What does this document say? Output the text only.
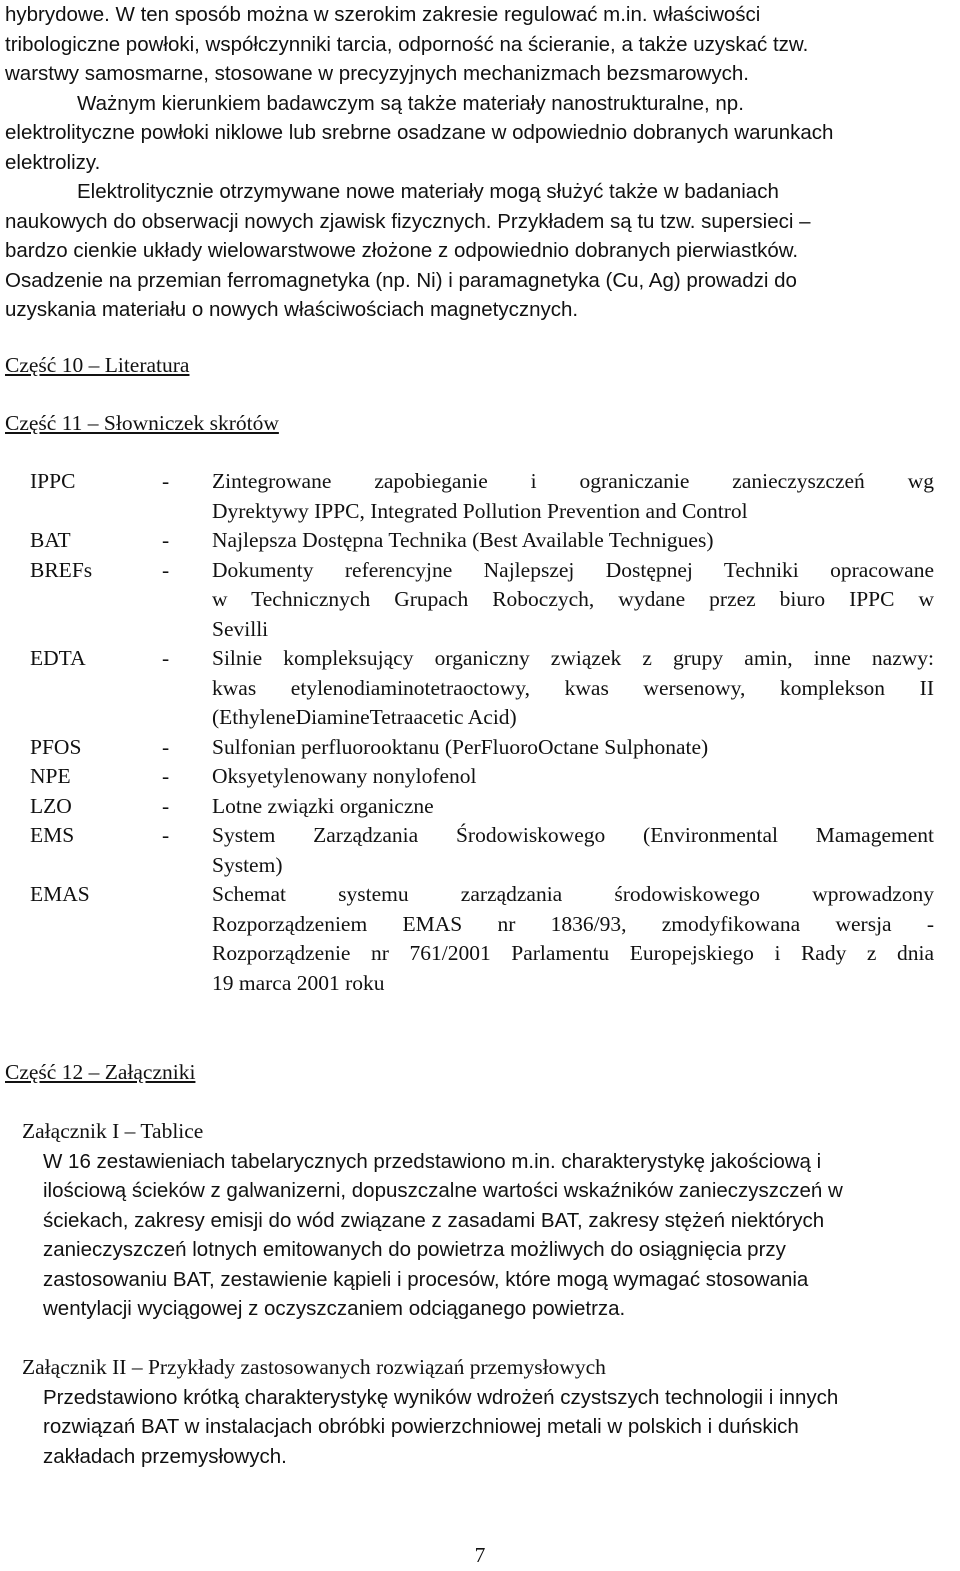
hybrydowe. W ten sposób można w szerokim zakresie regulować m.in. właściwości
tribologiczne powłoki, współczynniki tarcia, odporność na ścieranie, a także uzyskać tzw.
warstwy samosmarne, stosowane w precyzyjnych mechanizmach bezsmarowych.
Ważnym kierunkiem badawczym są także materiały nanostrukturalne, np.
elektrolityczne powłoki niklowe lub srebrne osadzane w odpowiednio dobranych warunkach
elektrolizy.
Elektrolitycznie otrzymywane nowe materiały mogą służyć także w badaniach
naukowych do obserwacji nowych zjawisk fizycznych. Przykładem są tu tzw. supersieci –
bardzo cienkie układy wielowarstwowe złożone z odpowiednio dobranych pierwiastków.
Osadzenie na przemian ferromagnetyka (np. Ni) i paramagnetyka (Cu, Ag) prowadzi do
uzyskania materiału o nowych właściwościach magnetycznych.
Część 10 – Literatura
Część 11 – Słowniczek skrótów
IPPC	-	Zintegrowane zapobieganie i ograniczanie zanieczyszczeń wg
Dyrektywy IPPC, Integrated Pollution Prevention and Control
BAT	-	Najlepsza Dostępna Technika (Best Available Technigues)
BREFs	-	Dokumenty referencyjne Najlepszej Dostępnej Techniki opracowane
w Technicznych Grupach Roboczych, wydane przez biuro IPPC w
Sevilli
EDTA	-	Silnie kompleksujący organiczny związek z grupy amin, inne nazwy:
kwas etylenodiaminotetraoctowy, kwas wersenowy, komplekson II
(EthyleneDiamineTetraacetic Acid)
PFOS	-	Sulfonian perfluorooktanu (PerFluoroOctane Sulphonate)
NPE	-	Oksyetylenowany nonylofenol
LZO	-	Lotne związki organiczne
EMS	-	System Zarządzania Środowiskowego (Environmental Mamagement
System)
EMAS	Schemat systemu zarządzania środowiskowego wprowadzony
Rozporządzeniem EMAS nr 1836/93, zmodyfikowana wersja -
Rozporządzenie nr 761/2001 Parlamentu Europejskiego i Rady z dnia
19 marca 2001 roku
Część 12 – Załączniki
Załącznik I – Tablice
W 16 zestawieniach tabelarycznych przedstawiono m.in. charakterystykę jakościową i
ilościową ścieków z galwanizerni, dopuszczalne wartości wskaźników zanieczyszczeń w
ściekach, zakresy emisji do wód związane z zasadami BAT, zakresy stężeń niektórych
zanieczyszczeń lotnych emitowanych do powietrza możliwych do osiągnięcia przy
zastosowaniu BAT, zestawienie kąpieli i procesów, które mogą wymagać stosowania
wentylacji wyciągowej z oczyszczaniem odciąganego powietrza.
Załącznik II – Przykłady zastosowanych rozwiązań przemysłowych
Przedstawiono krótką charakterystykę wyników wdrożeń czystszych technologii i innych
rozwiązań BAT w instalacjach obróbki powierzchniowej metali w polskich i duńskich
zakładach przemysłowych.
7
